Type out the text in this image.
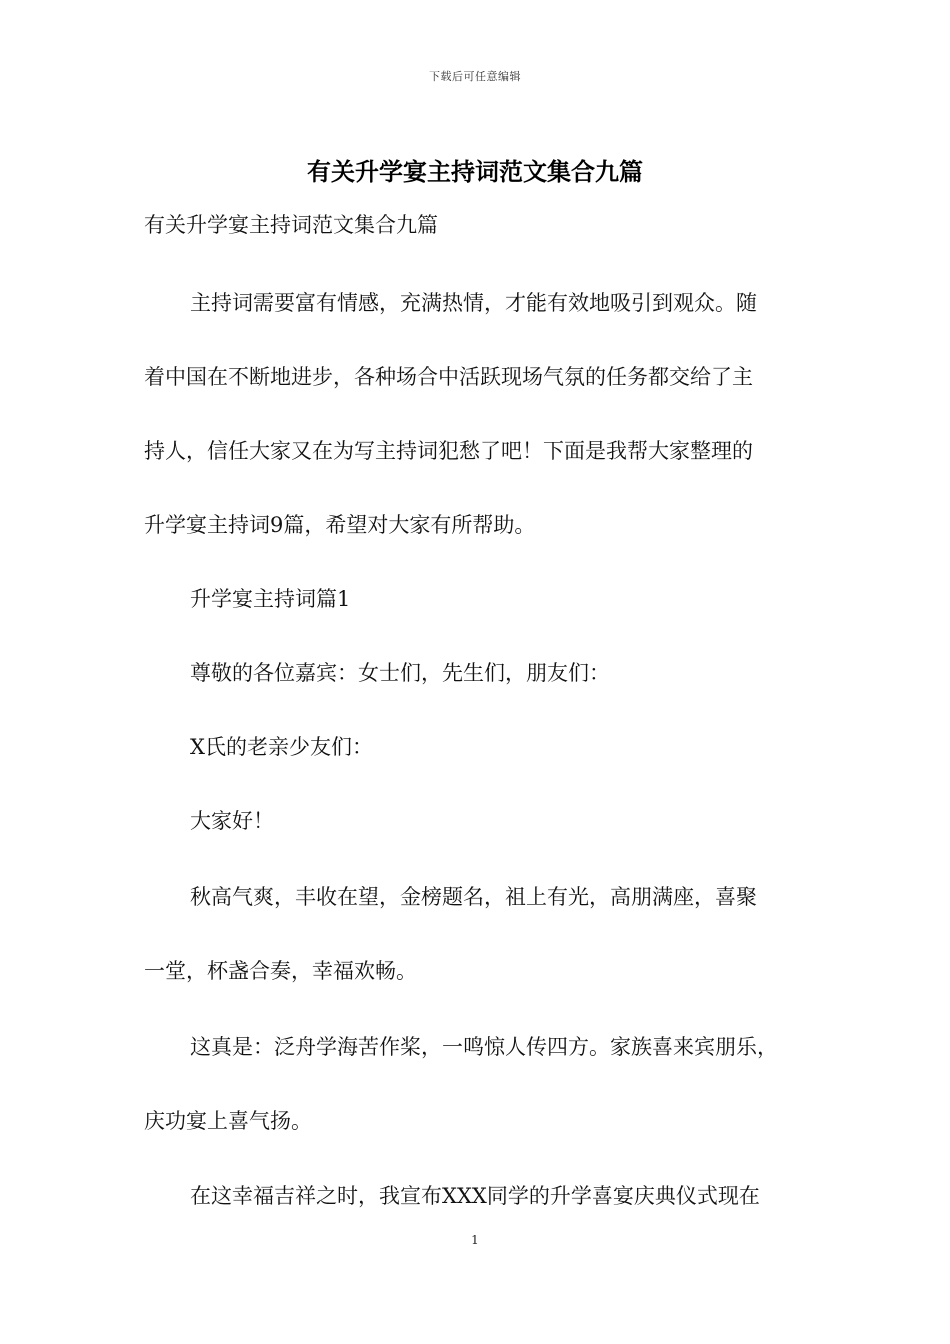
下载后可任意编辑
有关升学宴主持词范文集合九篇
有关升学宴主持词范文集合九篇
主持词需要富有情感，充满热情，才能有效地吸引到观众。随
着中国在不断地进步，各种场合中活跃现场气氛的任务都交给了主
持人，信任大家又在为写主持词犯愁了吧！下面是我帮大家整理的
升学宴主持词9篇，希望对大家有所帮助。
升学宴主持词篇1
尊敬的各位嘉宾：女士们，先生们，朋友们：
X氏的老亲少友们：
大家好！
秋高气爽，丰收在望，金榜题名，祖上有光，高朋满座，喜聚
一堂，杯盏合奏，幸福欢畅。
这真是：泛舟学海苦作桨，一鸣惊人传四方。家族喜来宾朋乐，
庆功宴上喜气扬。
在这幸福吉祥之时，我宣布XXX同学的升学喜宴庆典仪式现在
1
